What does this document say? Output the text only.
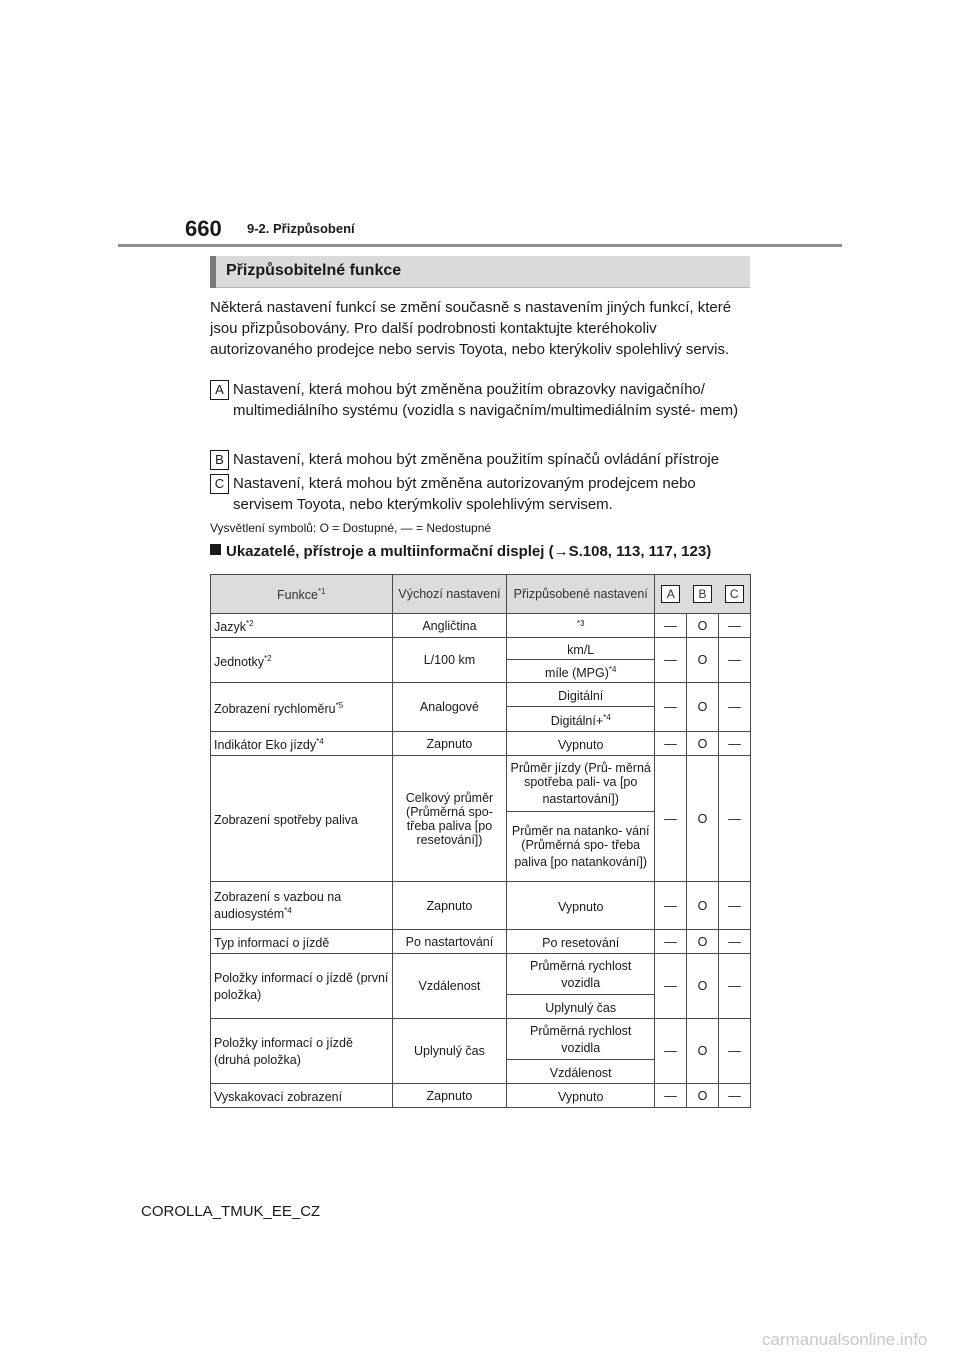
660 9-2. Přizpůsobení
Přizpůsobitelné funkce
Některá nastavení funkcí se změní současně s nastavením jiných funkcí, které jsou přizpůsobovány. Pro další podrobnosti kontaktujte kteréhokoliv autorizovaného prodejce nebo servis Toyota, nebo kterýkoliv spolehlivý servis.
A Nastavení, která mohou být změněna použitím obrazovky navigačního/ multimediálního systému (vozidla s navigačním/multimediálním systé- mem)
B Nastavení, která mohou být změněna použitím spínačů ovládání přístroje
C Nastavení, která mohou být změněna autorizovaným prodejcem nebo servisem Toyota, nebo kterýmkoliv spolehlivým servisem.
Vysvětlení symbolů: O = Dostupné, — = Nedostupné
Ukazatelé, přístroje a multiinformační displej (→S.108, 113, 117, 123)
Funkce$^{*1}$	Výchozí nastavení	Přizpůsobené nastavení	A	B	C
Jazyk$^{*2}$	Angličtina	$^{*3}$	—	O	—
Jednotky$^{*2}$	L/100 km	km/L	—	O	—
		míle (MPG)$^{*4}$
Zobrazení rychloměru$^{*5}$	Analogové	Digitální	—	O	—
		Digitální+$^{*4}$
Indikátor Eko jízdy$^{*4}$	Zapnuto	Vypnuto	—	O	—
Zobrazení spotřeby paliva	Celkový průměr (Průměrná spo- třeba paliva [po resetování])	Průměr jízdy (Prů- měrná spotřeba pali- va [po nastartování])	—	O	—
		Průměr na natanko- vání (Průměrná spo- třeba paliva [po natankování])			
Zobrazení s vazbou na audiosystém$^{*4}$	Zapnuto	Vypnuto	—	O	—
Typ informací o jízdě	Po nastartování	Po resetování	—	O	—
Položky informací o jízdě (první položka)	Vzdálenost	Průměrná rychlost vozidla	—	O	—
		Uplynulý čas			
Položky informací o jízdě (druhá položka)	Uplynulý čas	Průměrná rychlost vozidla	—	O	—
		Vzdálenost			
Vyskakovací zobrazení	Zapnuto	Vypnuto	—	O	—
COROLLA_TMUK_EE_CZ
carmanualsonline.info
